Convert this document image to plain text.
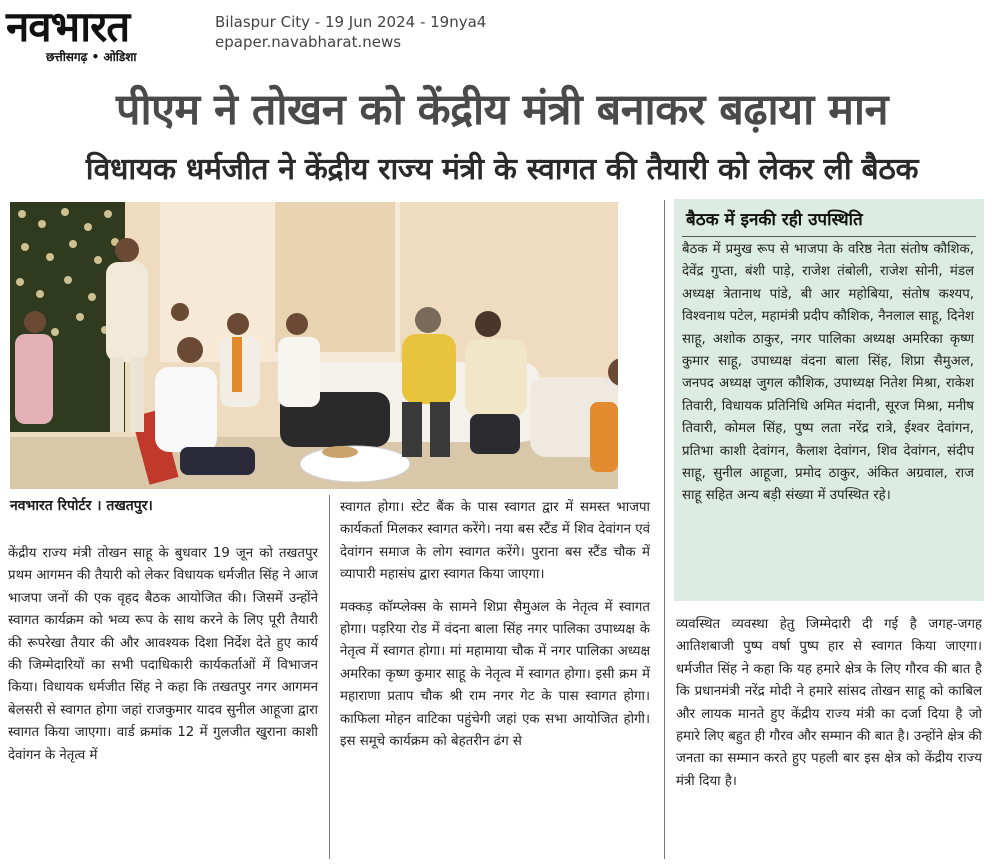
नवभारत
छत्तीसगढ़ • ओडिशा
Bilaspur City - 19 Jun 2024 - 19nya4
epaper.navabharat.news
पीएम ने तोखन को केंद्रीय मंत्री बनाकर बढ़ाया मान
विधायक धर्मजीत ने केंद्रीय राज्य मंत्री के स्वागत की तैयारी को लेकर ली बैठक
नवभारत रिपोर्टर । तखतपुर।

केंद्रीय राज्य मंत्री तोखन साहू के बुधवार 19 जून को तखतपुर प्रथम आगमन की तैयारी को लेकर विधायक धर्मजीत सिंह ने आज भाजपा जनों की एक वृहद बैठक आयोजित की। जिसमें उन्होंने स्वागत कार्यक्रम को भव्य रूप के साथ करने के लिए पूरी तैयारी की रूपरेखा तैयार की और आवश्यक दिशा निर्देश देते हुए कार्य की जिम्मेदारियों का सभी पदाधिकारी कार्यकर्ताओं में विभाजन किया। विधायक धर्मजीत सिंह ने कहा कि तखतपुर नगर आगमन बेलसरी से स्वागत होगा जहां राजकुमार यादव सुनील आहूजा द्वारा स्वागत किया जाएगा। वार्ड क्रमांक 12 में गुलजीत खुराना काशी देवांगन के नेतृत्व में

स्वागत होगा। स्टेट बैंक के पास स्वागत द्वार में समस्त भाजपा कार्यकर्ता मिलकर स्वागत करेंगे। नया बस स्टैंड में शिव देवांगन एवं देवांगन समाज के लोग स्वागत करेंगे। पुराना बस स्टैंड चौक में व्यापारी महासंघ द्वारा स्वागत किया जाएगा।

मक्कड़ कॉम्प्लेक्स के सामने शिप्रा सैमुअल के नेतृत्व में स्वागत होगा। पड़रिया रोड में वंदना बाला सिंह नगर पालिका उपाध्यक्ष के नेतृत्व में स्वागत होगा। मां महामाया चौक में नगर पालिका अध्यक्ष अमरिका कृष्ण कुमार साहू के नेतृत्व में स्वागत होगा। इसी क्रम में महाराणा प्रताप चौक श्री राम नगर गेट के पास स्वागत होगा। काफिला मोहन वाटिका पहुंचेगी जहां एक सभा आयोजित होगी। इस समूचे कार्यक्रम को बेहतरीन ढंग से

बैठक में इनकी रही उपस्थिति
बैठक में प्रमुख रूप से भाजपा के वरिष्ठ नेता संतोष कौशिक, देवेंद्र गुप्ता, बंशी पाड़े, राजेश तंबोली, राजेश सोनी, मंडल अध्यक्ष त्रेतानाथ पांडे, बी आर महोबिया, संतोष कश्यप, विश्वनाथ पटेल, महामंत्री प्रदीप कौशिक, नैनलाल साहू, दिनेश साहू, अशोक ठाकुर, नगर पालिका अध्यक्ष अमरिका कृष्ण कुमार साहू, उपाध्यक्ष वंदना बाला सिंह, शिप्रा सैमुअल, जनपद अध्यक्ष जुगल कौशिक, उपाध्यक्ष नितेश मिश्रा, राकेश तिवारी, विधायक प्रतिनिधि अमित मंदानी, सूरज मिश्रा, मनीष तिवारी, कोमल सिंह, पुष्प लता नरेंद्र रात्रे, ईश्वर देवांगन, प्रतिभा काशी देवांगन, कैलाश देवांगन, शिव देवांगन, संदीप साहू, सुनील आहूजा, प्रमोद ठाकुर, अंकित अग्रवाल, राज साहू सहित अन्य बड़ी संख्या में उपस्थित रहे।

व्यवस्थित व्यवस्था हेतु जिम्मेदारी दी गई है जगह-जगह आतिशबाजी पुष्प वर्षा पुष्प हार से स्वागत किया जाएगा। धर्मजीत सिंह ने कहा कि यह हमारे क्षेत्र के लिए गौरव की बात है कि प्रधानमंत्री नरेंद्र मोदी ने हमारे सांसद तोखन साहू को काबिल और लायक मानते हुए केंद्रीय राज्य मंत्री का दर्जा दिया है जो हमारे लिए बहुत ही गौरव और सम्मान की बात है। उन्होंने क्षेत्र की जनता का सम्मान करते हुए पहली बार इस क्षेत्र को केंद्रीय राज्य मंत्री दिया है।
